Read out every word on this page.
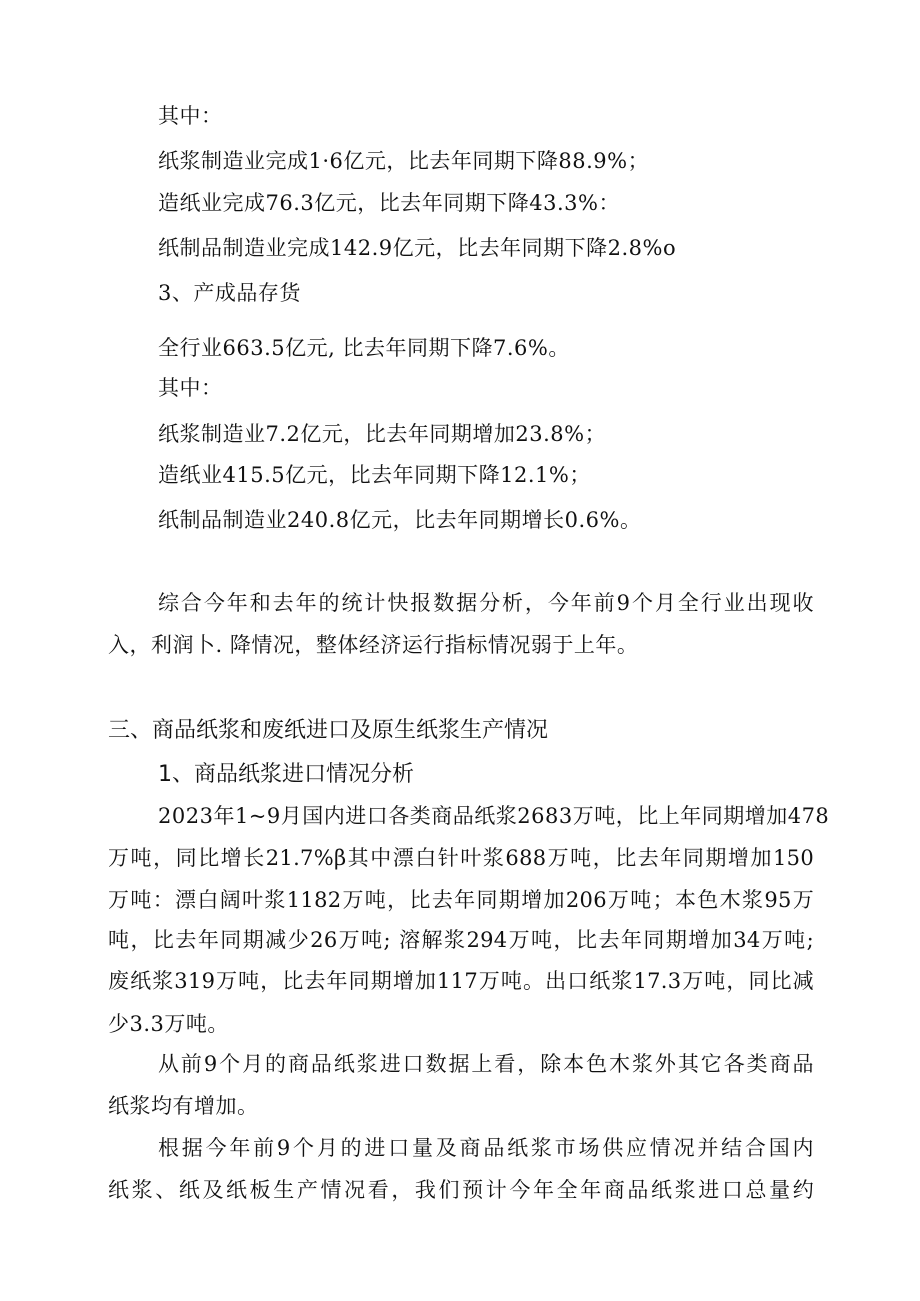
其中：
纸浆制造业完成1·6亿元，比去年同期下降88.9%；
造纸业完成76.3亿元，比去年同期下降43.3%：
纸制品制造业完成142.9亿元，比去年同期下降2.8%o
3、产成品存货
全行业663.5亿元, 比去年同期下降7.6%。
其中：
纸浆制造业7.2亿元，比去年同期增加23.8%；
造纸业415.5亿元，比去年同期下降12.1%；
纸制品制造业240.8亿元，比去年同期增长0.6%。
综合今年和去年的统计快报数据分析，今年前9个月全行业出现收
入，利润卜. 降情况，整体经济运行指标情况弱于上年。
三、商品纸浆和废纸进口及原生纸浆生产情况
1、商品纸浆进口情况分析
2023年1~9月国内进口各类商品纸浆2683万吨，比上年同期增加478
万吨，同比增长21.7%β其中漂白针叶浆688万吨，比去年同期增加150
万吨：漂白阔叶浆1182万吨，比去年同期增加206万吨；本色木浆95万
吨，比去年同期减少26万吨; 溶解浆294万吨，比去年同期增加34万吨;
废纸浆319万吨，比去年同期增加117万吨。出口纸浆17.3万吨，同比减
少3.3万吨。
从前9个月的商品纸浆进口数据上看，除本色木浆外其它各类商品
纸浆均有增加。
根据今年前9个月的进口量及商品纸浆市场供应情况并结合国内
纸浆、纸及纸板生产情况看，我们预计今年全年商品纸浆进口总量约
